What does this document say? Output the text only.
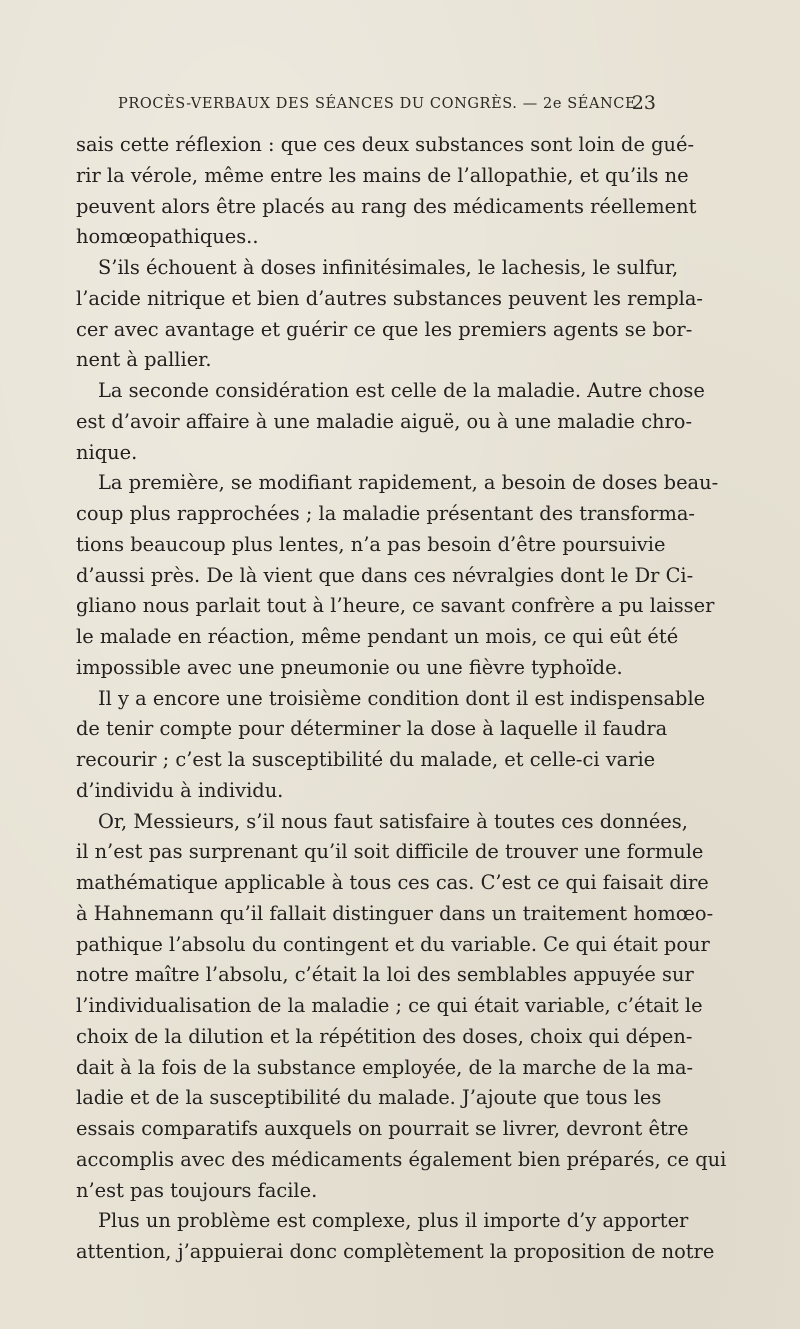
PROCÈS-VERBAUX DES SÉANCES DU CONGRÈS. — 2e SÉANCE
23
sais cette réflexion : que ces deux substances sont loin de gué-
rir la vérole, même entre les mains de l’allopathie, et qu’ils ne
peuvent alors être placés au rang des médicaments réellement
homœopathiques..
S’ils échouent à doses infinitésimales, le lachesis, le sulfur,
l’acide nitrique et bien d’autres substances peuvent les rempla-
cer avec avantage et guérir ce que les premiers agents se bor-
nent à pallier.
La seconde considération est celle de la maladie. Autre chose
est d’avoir affaire à une maladie aiguë, ou à une maladie chro-
nique.
La première, se modifiant rapidement, a besoin de doses beau-
coup plus rapprochées ; la maladie présentant des transforma-
tions beaucoup plus lentes, n’a pas besoin d’être poursuivie
d’aussi près. De là vient que dans ces névralgies dont le Dr Ci-
gliano nous parlait tout à l’heure, ce savant confrère a pu laisser
le malade en réaction, même pendant un mois, ce qui eût été
impossible avec une pneumonie ou une fièvre typhoïde.
Il y a encore une troisième condition dont il est indispensable
de tenir compte pour déterminer la dose à laquelle il faudra
recourir ; c’est la susceptibilité du malade, et celle-ci varie
d’individu à individu.
Or, Messieurs, s’il nous faut satisfaire à toutes ces données,
il n’est pas surprenant qu’il soit difficile de trouver une formule
mathématique applicable à tous ces cas. C’est ce qui faisait dire
à Hahnemann qu’il fallait distinguer dans un traitement homœo-
pathique l’absolu du contingent et du variable. Ce qui était pour
notre maître l’absolu, c’était la loi des semblables appuyée sur
l’individualisation de la maladie ; ce qui était variable, c’était le
choix de la dilution et la répétition des doses, choix qui dépen-
dait à la fois de la substance employée, de la marche de la ma-
ladie et de la susceptibilité du malade. J’ajoute que tous les
essais comparatifs auxquels on pourrait se livrer, devront être
accomplis avec des médicaments également bien préparés, ce qui
n’est pas toujours facile.
Plus un problème est complexe, plus il importe d’y apporter
attention, j’appuierai donc complètement la proposition de notre
